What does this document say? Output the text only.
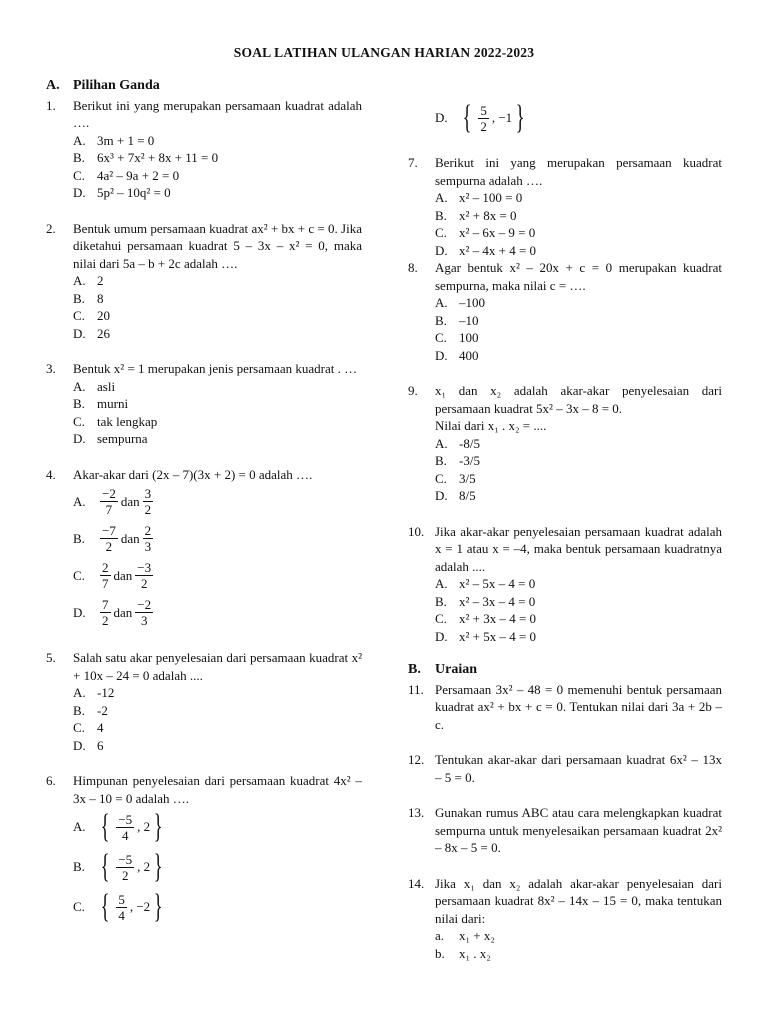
SOAL LATIHAN ULANGAN HARIAN 2022-2023
A. Pilihan Ganda
1.	Berikut ini yang merupakan persamaan kuadrat adalah ….
A. 3m + 1 = 0
B. 6x³ + 7x² + 8x + 11 = 0
C. 4a² – 9a + 2 = 0
D. 5p² – 10q² = 0
2.	Bentuk umum persamaan kuadrat ax² + bx + c = 0. Jika diketahui persamaan kuadrat 5 – 3x – x² = 0, maka nilai dari 5a – b + 2c adalah ….
A. 2
B. 8
C. 20
D. 26
3.	Bentuk x² = 1 merupakan jenis persamaan kuadrat . …
A. asli
B. murni
C. tak lengkap
D. sempurna
4.	Akar-akar dari (2x – 7)(3x + 2) = 0 adalah ….
A.	$\frac{-2}{7}$ dan $\frac{3}{2}$
B.	$\frac{-7}{2}$ dan $\frac{2}{3}$
C.	$\frac{2}{7}$ dan $\frac{-3}{2}$
D.	$\frac{7}{2}$ dan $\frac{-2}{3}$
5.	Salah satu akar penyelesaian dari persamaan kuadrat x² + 10x – 24 = 0 adalah ....
A. -12
B. -2
C. 4
D. 6
6.	Himpunan penyelesaian dari persamaan kuadrat 4x² – 3x – 10 = 0 adalah ….
A. { $\frac{-5}{4}$ , 2 }
B. { $\frac{-5}{2}$ , 2 }
C. { $\frac{5}{4}$ , −2 }
D. { $\frac{5}{2}$ , −1 }
7.	Berikut ini yang merupakan persamaan kuadrat sempurna adalah ….
A. x² – 100 = 0
B. x² + 8x = 0
C. x² – 6x – 9 = 0
D. x² – 4x + 4 = 0
8.	Agar bentuk x² – 20x + c = 0 merupakan kuadrat sempurna, maka nilai c = ….
A. –100
B. –10
C. 100
D. 400
9.	x₁ dan x₂ adalah akar-akar penyelesaian dari persamaan kuadrat 5x² – 3x – 8 = 0.
Nilai dari x₁ . x₂ = ....
A. -8/5
B. -3/5
C. 3/5
D. 8/5
10. Jika akar-akar penyelesaian persamaan kuadrat adalah x = 1 atau x = –4, maka bentuk persamaan kuadratnya adalah ....
A. x² – 5x – 4 = 0
B. x² – 3x – 4 = 0
C. x² + 3x – 4 = 0
D. x² + 5x – 4 = 0
B.	Uraian
11. Persamaan 3x² – 48 = 0 memenuhi bentuk persamaan kuadrat ax² + bx + c = 0. Tentukan nilai dari 3a + 2b – c.
12. Tentukan akar-akar dari persamaan kuadrat 6x² – 13x – 5 = 0.
13. Gunakan rumus ABC atau cara melengkapkan kuadrat sempurna untuk menyelesaikan persamaan kuadrat 2x² – 8x – 5 = 0.
14. Jika x₁ dan x₂ adalah akar-akar penyelesaian dari persamaan kuadrat 8x² – 14x – 15 = 0, maka tentukan nilai dari:
a.	x₁ + x₂
b.	x₁ . x₂
